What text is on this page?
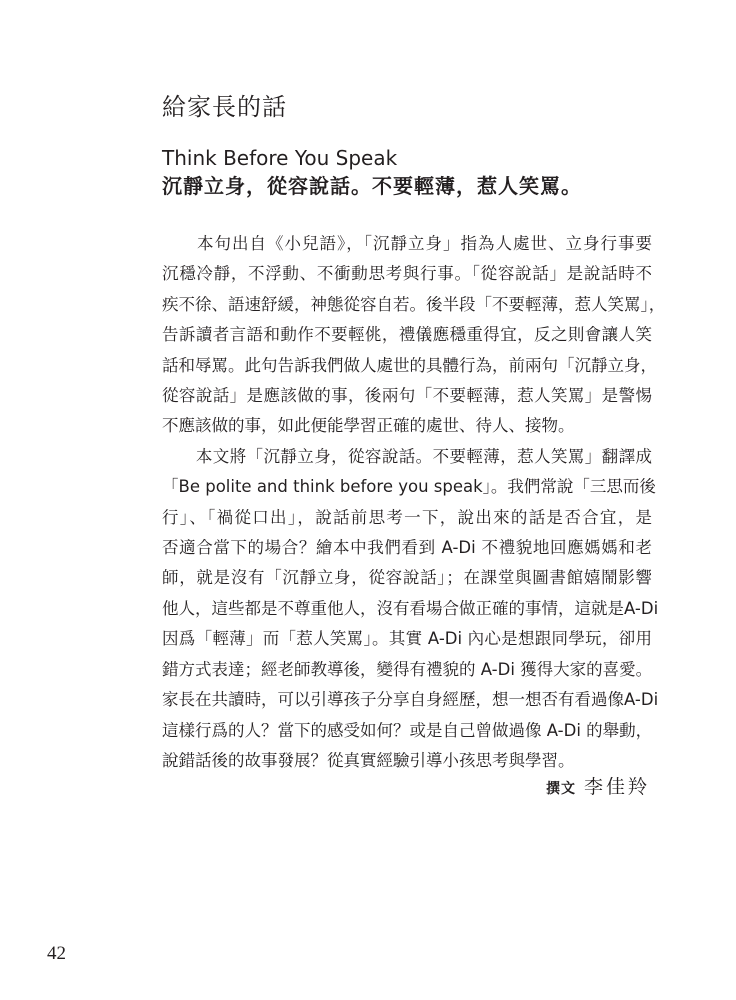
給家長的話
Think Before You Speak
沉靜立身，從容說話。不要輕薄，惹人笑罵。
　　本句出自《小兒語》，「沉靜立身」指為人處世、立身行事要
沉穩冷靜，不浮動、不衝動思考與行事。「從容說話」是說話時不
疾不徐、語速舒緩，神態從容自若。後半段「不要輕薄，惹人笑罵」，
告訴讀者言語和動作不要輕佻，禮儀應穩重得宜，反之則會讓人笑
話和辱罵。此句告訴我們做人處世的具體行為，前兩句「沉靜立身，
從容說話」是應該做的事，後兩句「不要輕薄，惹人笑罵」是警惕
不應該做的事，如此便能學習正確的處世、待人、接物。
　　本文將「沉靜立身，從容說話。不要輕薄，惹人笑罵」翻譯成
「Be polite and think before you speak」。我們常說「三思而後
行」、「禍從口出」，說話前思考一下，說出來的話是否合宜，是
否適合當下的場合？繪本中我們看到 A-Di 不禮貌地回應媽媽和老
師，就是沒有「沉靜立身，從容說話」；在課堂與圖書館嬉鬧影響
他人，這些都是不尊重他人，沒有看場合做正確的事情，這就是A-Di
因爲「輕薄」而「惹人笑罵」。其實 A-Di 內心是想跟同學玩，卻用
錯方式表達；經老師教導後，變得有禮貌的 A-Di 獲得大家的喜愛。
家長在共讀時，可以引導孩子分享自身經歷，想一想否有看過像A-Di
這樣行爲的人？當下的感受如何？或是自己曾做過像 A-Di 的舉動，
說錯話後的故事發展？從真實經驗引導小孩思考與學習。
撰文 李佳羚
42
